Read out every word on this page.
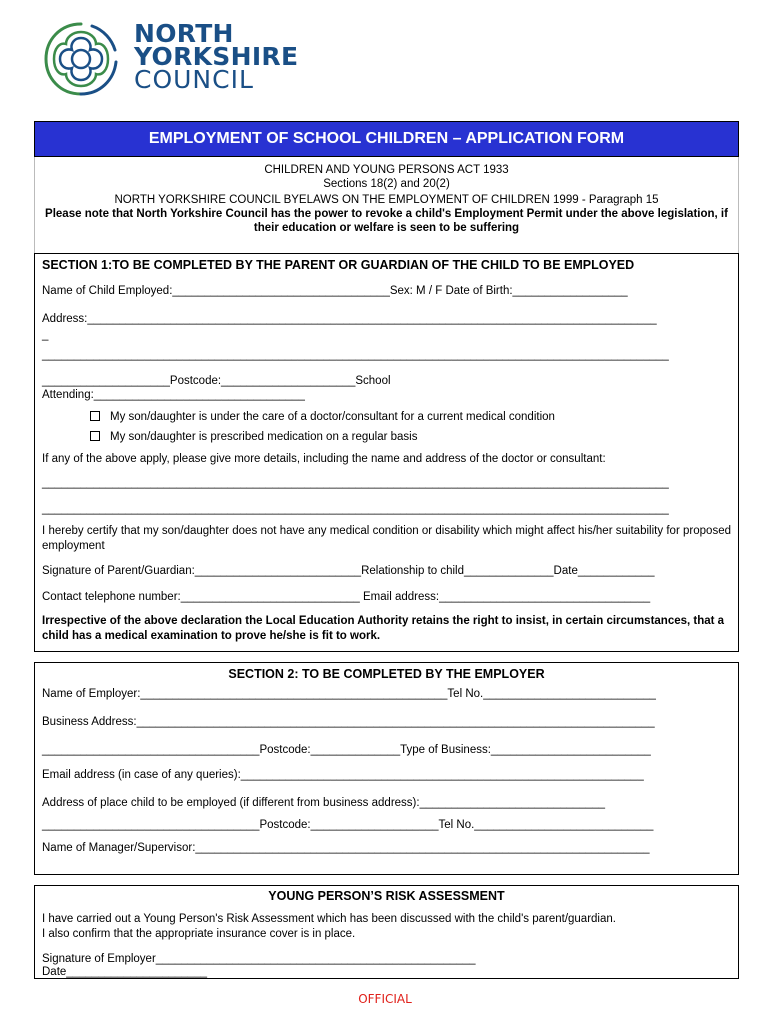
NORTH
YORKSHIRE
COUNCIL
EMPLOYMENT OF SCHOOL CHILDREN – APPLICATION FORM
CHILDREN AND YOUNG PERSONS ACT 1933
Sections 18(2) and 20(2)
NORTH YORKSHIRE COUNCIL BYELAWS ON THE EMPLOYMENT OF CHILDREN 1999 - Paragraph 15
Please note that North Yorkshire Council has the power to revoke a child's Employment Permit under the above legislation, if their education or welfare is seen to be suffering
SECTION 1:TO BE COMPLETED BY THE PARENT OR GUARDIAN OF THE CHILD TO BE EMPLOYED
Name of Child Employed:__________________________________Sex: M / F Date of Birth:__________________
Address:_________________________________________________________________________________________
_
__________________________________________________________________________________________________
____________________Postcode:_____________________School
Attending:_________________________________
My son/daughter is under the care of a doctor/consultant for a current medical condition
My son/daughter is prescribed medication on a regular basis
If any of the above apply, please give more details, including the name and address of the doctor or consultant:
__________________________________________________________________________________________________
__________________________________________________________________________________________________
I hereby certify that my son/daughter does not have any medical condition or disability which might affect his/her suitability for proposed employment
Signature of Parent/Guardian:__________________________Relationship to child______________Date____________
Contact telephone number:____________________________ Email address:_________________________________
Irrespective of the above declaration the Local Education Authority retains the right to insist, in certain circumstances, that a child has a medical examination to prove he/she is fit to work.
SECTION 2: TO BE COMPLETED BY THE EMPLOYER
Name of Employer:________________________________________________Tel No.___________________________
Business Address:_________________________________________________________________________________
__________________________________Postcode:______________Type of Business:_________________________
Email address (in case of any queries):_______________________________________________________________
Address of place child to be employed (if different from business address):_____________________________
__________________________________Postcode:____________________Tel No.____________________________
Name of Manager/Supervisor:_______________________________________________________________________
YOUNG PERSON’S RISK ASSESSMENT
I have carried out a Young Person's Risk Assessment which has been discussed with the child's parent/guardian.
I also confirm that the appropriate insurance cover is in place.
Signature of Employer__________________________________________________
Date______________________
OFFICIAL
